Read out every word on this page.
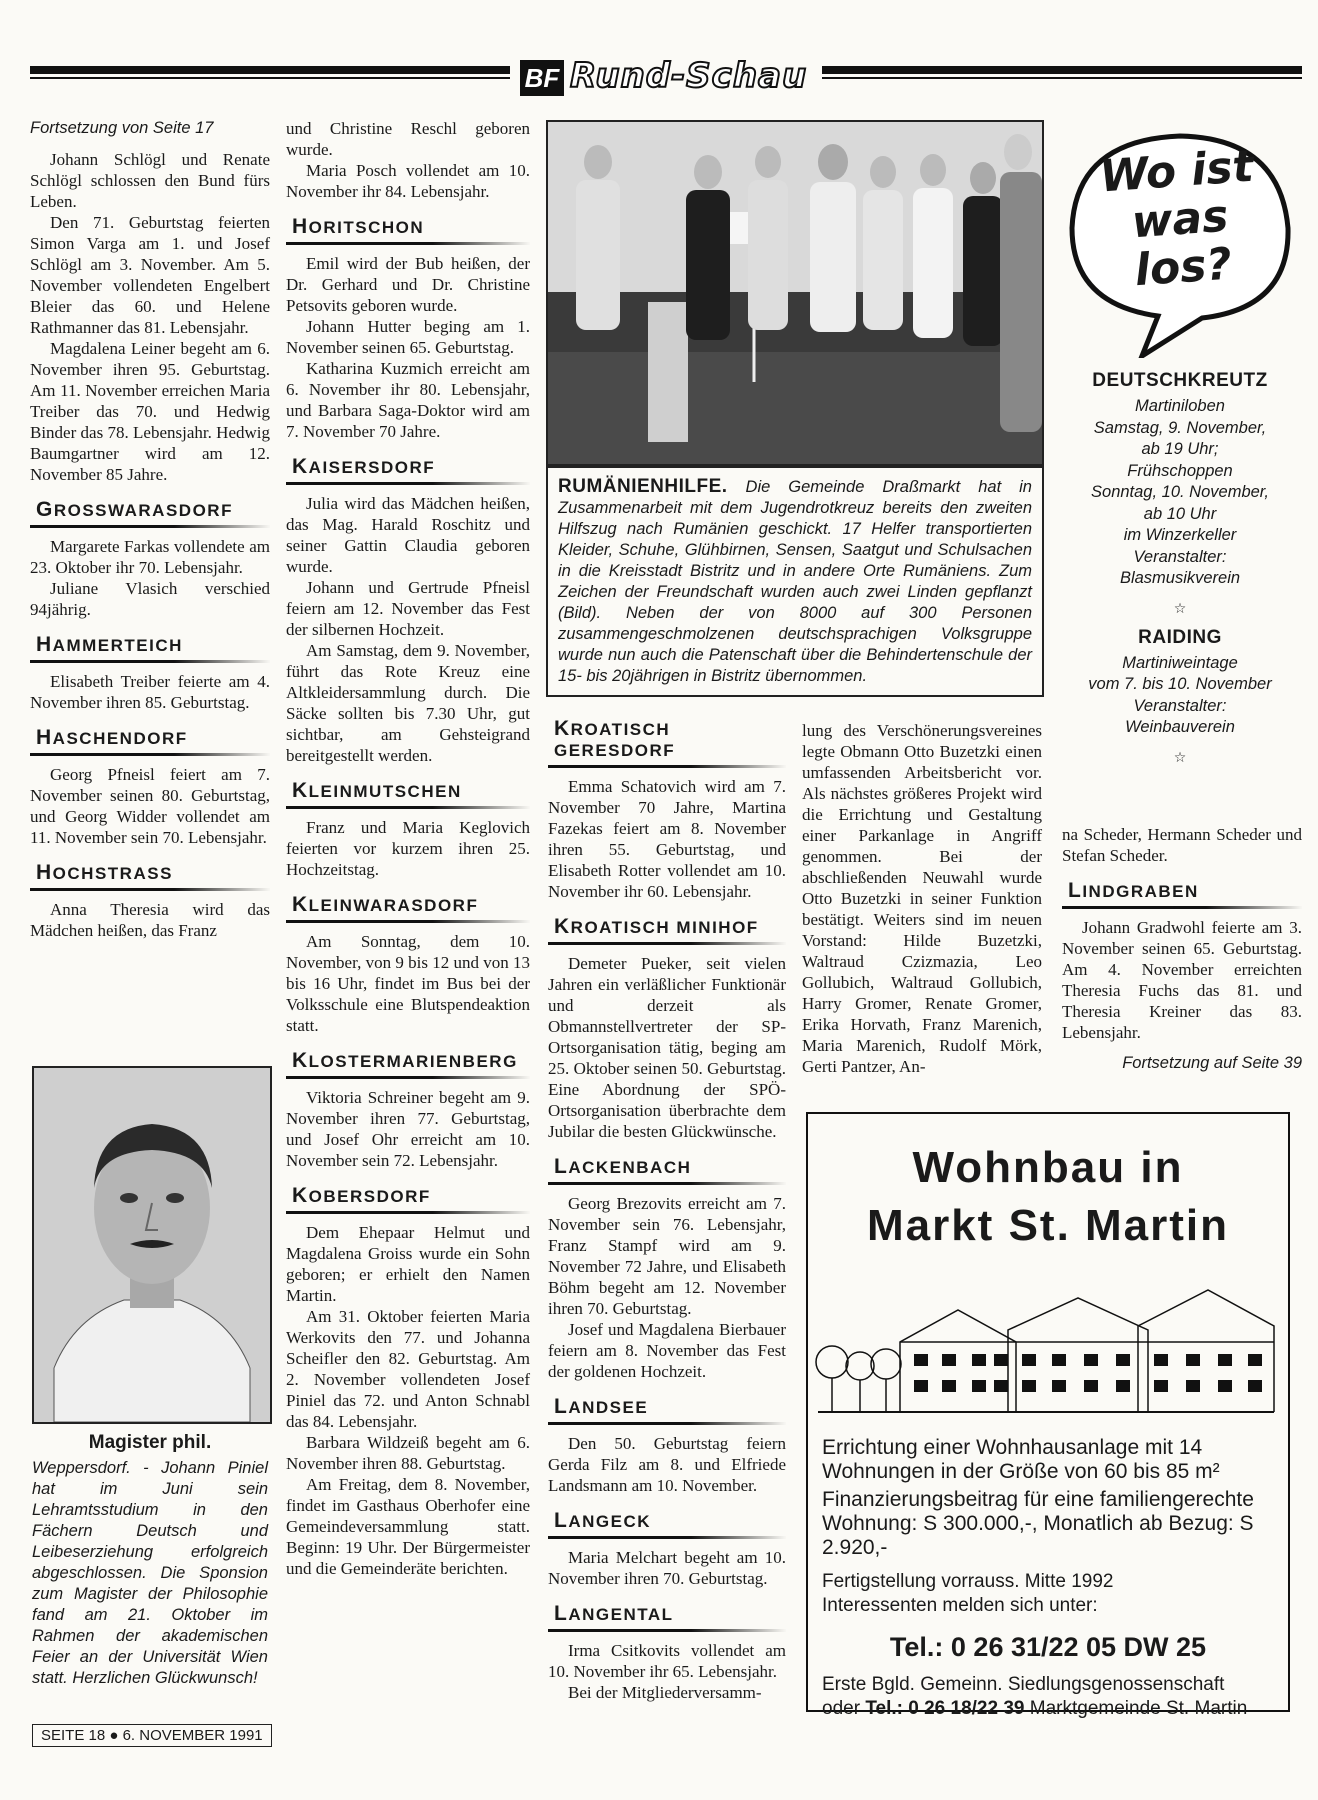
BF Rund-Schau

Fortsetzung von Seite 17

Johann Schlögl und Renate Schlögl schlossen den Bund fürs Leben.

Den 71. Geburtstag feierten Simon Varga am 1. und Josef Schlögl am 3. November. Am 5. November vollendeten Engelbert Bleier das 60. und Helene Rathmanner das 81. Lebensjahr.

Magdalena Leiner begeht am 6. November ihren 95. Geburtstag. Am 11. November erreichen Maria Treiber das 70. und Hedwig Binder das 78. Lebensjahr. Hedwig Baumgartner wird am 12. November 85 Jahre.

GROSSWARASDORF

Margarete Farkas vollendete am 23. Oktober ihr 70. Lebensjahr.

Juliane Vlasich verschied 94jährig.

HAMMERTEICH

Elisabeth Treiber feierte am 4. November ihren 85. Geburtstag.

HASCHENDORF

Georg Pfneisl feiert am 7. November seinen 80. Geburtstag, und Georg Widder vollendet am 11. November sein 70. Lebensjahr.

HOCHSTRASS

Anna Theresia wird das Mädchen heißen, das Franz

Magister phil.
Weppersdorf. - Johann Piniel hat im Juni sein Lehramtsstudium in den Fächern Deutsch und Leibeserziehung erfolgreich abgeschlossen. Die Sponsion zum Magister der Philosophie fand am 21. Oktober im Rahmen der akademischen Feier an der Universität Wien statt. Herzlichen Glückwunsch!

und Christine Reschl geboren wurde.

Maria Posch vollendet am 10. November ihr 84. Lebensjahr.

HORITSCHON

Emil wird der Bub heißen, der Dr. Gerhard und Dr. Christine Petsovits geboren wurde.

Johann Hutter beging am 1. November seinen 65. Geburtstag.

Katharina Kuzmich erreicht am 6. November ihr 80. Lebensjahr, und Barbara Saga-Doktor wird am 7. November 70 Jahre.

KAISERSDORF

Julia wird das Mädchen heißen, das Mag. Harald Roschitz und seiner Gattin Claudia geboren wurde.

Johann und Gertrude Pfneisl feiern am 12. November das Fest der silbernen Hochzeit.

Am Samstag, dem 9. November, führt das Rote Kreuz eine Altkleidersammlung durch. Die Säcke sollten bis 7.30 Uhr, gut sichtbar, am Gehsteigrand bereitgestellt werden.

KLEINMUTSCHEN

Franz und Maria Keglovich feierten vor kurzem ihren 25. Hochzeitstag.

KLEINWARASDORF

Am Sonntag, dem 10. November, von 9 bis 12 und von 13 bis 16 Uhr, findet im Bus bei der Volksschule eine Blutspendeaktion statt.

KLOSTERMARIENBERG

Viktoria Schreiner begeht am 9. November ihren 77. Geburtstag, und Josef Ohr erreicht am 10. November sein 72. Lebensjahr.

KOBERSDORF

Dem Ehepaar Helmut und Magdalena Groiss wurde ein Sohn geboren; er erhielt den Namen Martin.

Am 31. Oktober feierten Maria Werkovits den 77. und Johanna Scheifler den 82. Geburtstag. Am 2. November vollendeten Josef Piniel das 72. und Anton Schnabl das 84. Lebensjahr.

Barbara Wildzeiß begeht am 6. November ihren 88. Geburtstag.

Am Freitag, dem 8. November, findet im Gasthaus Oberhofer eine Gemeindeversammlung statt. Beginn: 19 Uhr. Der Bürgermeister und die Gemeinderäte berichten.

RUMÄNIENHILFE. Die Gemeinde Draßmarkt hat in Zusammenarbeit mit dem Jugendrotkreuz bereits den zweiten Hilfszug nach Rumänien geschickt. 17 Helfer transportierten Kleider, Schuhe, Glühbirnen, Sensen, Saatgut und Schulsachen in die Kreisstadt Bistritz und in andere Orte Rumäniens. Zum Zeichen der Freundschaft wurden auch zwei Linden gepflanzt (Bild). Neben der von 8000 auf 300 Personen zusammengeschmolzenen deutschsprachigen Volksgruppe wurde nun auch die Patenschaft über die Behindertenschule der 15- bis 20jährigen in Bistritz übernommen.
KROATISCH GERESDORF

Emma Schatovich wird am 7. November 70 Jahre, Martina Fazekas feiert am 8. November ihren 55. Geburtstag, und Elisabeth Rotter vollendet am 10. November ihr 60. Lebensjahr.

KROATISCH MINIHOF

Demeter Pueker, seit vielen Jahren ein verläßlicher Funktionär und derzeit als Obmannstellvertreter der SP-Ortsorganisation tätig, beging am 25. Oktober seinen 50. Geburtstag. Eine Abordnung der SPÖ-Ortsorganisation überbrachte dem Jubilar die besten Glückwünsche.

LACKENBACH

Georg Brezovits erreicht am 7. November sein 76. Lebensjahr, Franz Stampf wird am 9. November 72 Jahre, und Elisabeth Böhm begeht am 12. November ihren 70. Geburtstag.

Josef und Magdalena Bierbauer feiern am 8. November das Fest der goldenen Hochzeit.

LANDSEE

Den 50. Geburtstag feiern Gerda Filz am 8. und Elfriede Landsmann am 10. November.

LANGECK

Maria Melchart begeht am 10. November ihren 70. Geburtstag.

LANGENTAL

Irma Csitkovits vollendet am 10. November ihr 65. Lebensjahr.

Bei der Mitgliederversamm-

lung des Verschönerungsvereines legte Obmann Otto Buzetzki einen umfassenden Arbeitsbericht vor. Als nächstes größeres Projekt wird die Errichtung und Gestaltung einer Parkanlage in Angriff genommen. Bei der abschließenden Neuwahl wurde Otto Buzetzki in seiner Funktion bestätigt. Weiters sind im neuen Vorstand: Hilde Buzetzki, Waltraud Czizmazia, Leo Gollubich, Waltraud Gollubich, Harry Gromer, Renate Gromer, Erika Horvath, Franz Marenich, Maria Marenich, Rudolf Mörk, Gerti Pantzer, An-

Wo ist was los?
DEUTSCHKREUTZ
Martiniloben
Samstag, 9. November,
ab 19 Uhr;
Frühschoppen
Sonntag, 10. November,
ab 10 Uhr
im Winzerkeller
Veranstalter:
Blasmusikverein
☆
RAIDING
Martiniweintage
vom 7. bis 10. November
Veranstalter:
Weinbauverein
☆

na Scheder, Hermann Scheder und Stefan Scheder.

LINDGRABEN

Johann Gradwohl feierte am 3. November seinen 65. Geburtstag. Am 4. November erreichten Theresia Fuchs das 81. und Theresia Kreiner das 83. Lebensjahr.

Fortsetzung auf Seite 39

Wohnbau in
Markt St. Martin
Errichtung einer Wohnhausanlage mit 14 Wohnungen in der Größe von 60 bis 85 m²
Finanzierungsbeitrag für eine familiengerechte Wohnung: S 300.000,-, Monatlich ab Bezug: S 2.920,-
Fertigstellung vorrauss. Mitte 1992
Interessenten melden sich unter:
Tel.: 0 26 31/22 05 DW 25
Erste Bgld. Gemeinn. Siedlungsgenossenschaft
oder Tel.: 0 26 18/22 39 Marktgemeinde St. Martin
SEITE 18 ● 6. NOVEMBER 1991
